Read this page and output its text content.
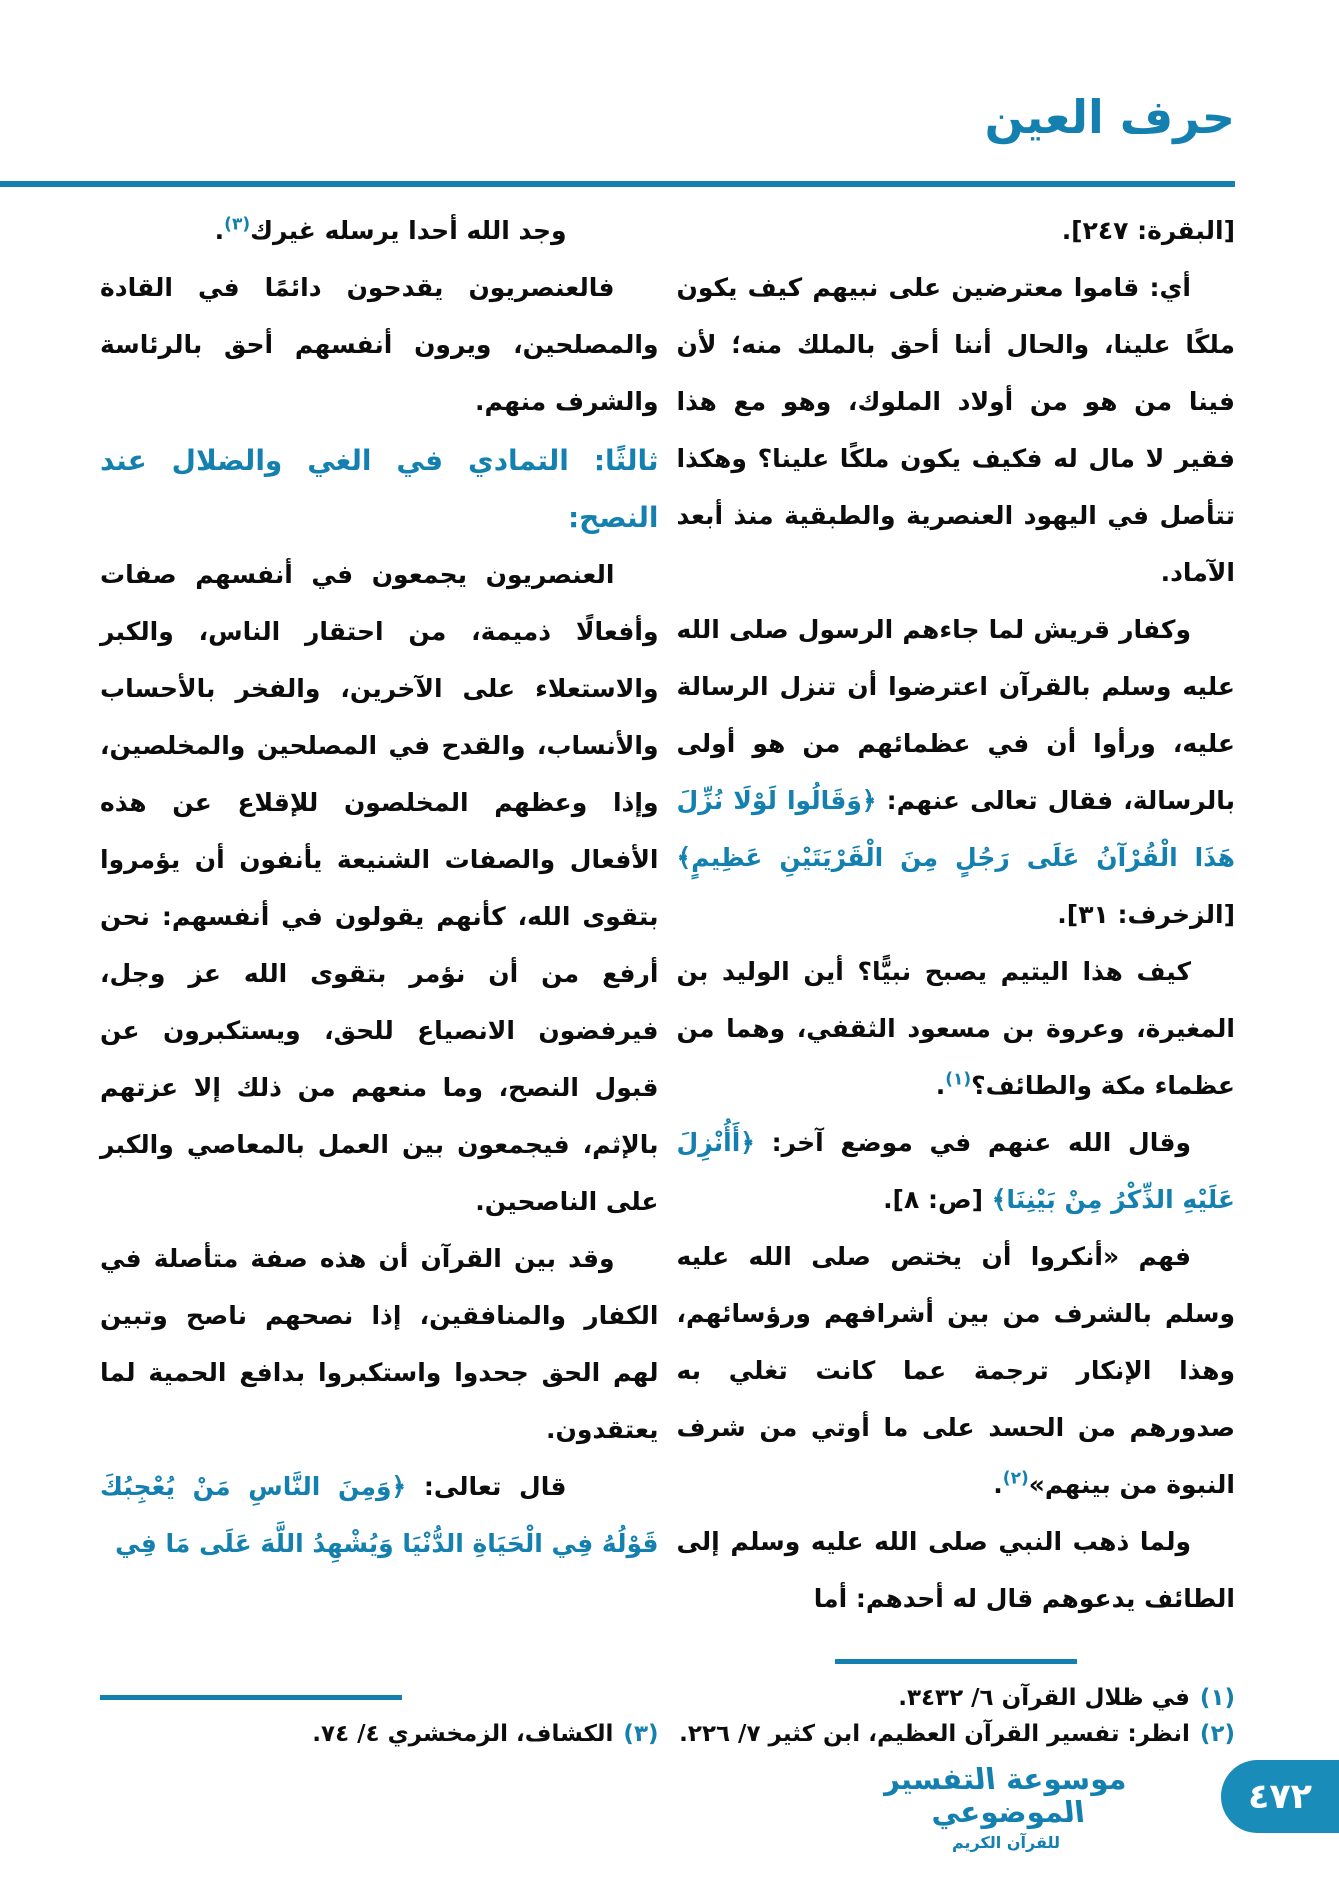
حرف العين

[البقرة: ٢٤٧].

أي: قاموا معترضين على نبيهم كيف يكون ملكًا علينا، والحال أننا أحق بالملك منه؛ لأن فينا من هو من أولاد الملوك، وهو مع هذا فقير لا مال له فكيف يكون ملكًا علينا؟ وهكذا تتأصل في اليهود العنصرية والطبقية منذ أبعد الآماد.

وكفار قريش لما جاءهم الرسول صلى الله عليه وسلم بالقرآن اعترضوا أن تنزل الرسالة عليه، ورأوا أن في عظمائهم من هو أولى بالرسالة، فقال تعالى عنهم: ﴿وَقَالُوا لَوْلَا نُزِّلَ هَذَا الْقُرْآنُ عَلَى رَجُلٍ مِنَ الْقَرْيَتَيْنِ عَظِيمٍ﴾ [الزخرف: ٣١].

كيف هذا اليتيم يصبح نبيًّا؟ أين الوليد بن المغيرة، وعروة بن مسعود الثقفي، وهما من عظماء مكة والطائف؟$^{(١)}$.

وقال الله عنهم في موضع آخر: ﴿أَأُنْزِلَ عَلَيْهِ الذِّكْرُ مِنْ بَيْنِنَا﴾ [ص: ٨].

فهم «أنكروا أن يختص صلى الله عليه وسلم بالشرف من بين أشرافهم ورؤسائهم، وهذا الإنكار ترجمة عما كانت تغلي به صدورهم من الحسد على ما أوتي من شرف النبوة من بينهم»$^{(٢)}$.

ولما ذهب النبي صلى الله عليه وسلم إلى الطائف يدعوهم قال له أحدهم: أما

(١)
في ظلال القرآن ٦/ ٣٤٣٢.
(٢)
انظر: تفسير القرآن العظيم، ابن كثير ٧/ ٢٢٦.

وجد الله أحدا يرسله غيرك$^{(٣)}$.

فالعنصريون يقدحون دائمًا في القادة والمصلحين، ويرون أنفسهم أحق بالرئاسة والشرف منهم.

ثالثًا: التمادي في الغي والضلال عند النصح:

العنصريون يجمعون في أنفسهم صفات وأفعالًا ذميمة، من احتقار الناس، والكبر والاستعلاء على الآخرين، والفخر بالأحساب والأنساب، والقدح في المصلحين والمخلصين، وإذا وعظهم المخلصون للإقلاع عن هذه الأفعال والصفات الشنيعة يأنفون أن يؤمروا بتقوى الله، كأنهم يقولون في أنفسهم: نحن أرفع من أن نؤمر بتقوى الله عز وجل، فيرفضون الانصياع للحق، ويستكبرون عن قبول النصح، وما منعهم من ذلك إلا عزتهم بالإثم، فيجمعون بين العمل بالمعاصي والكبر على الناصحين.

وقد بين القرآن أن هذه صفة متأصلة في الكفار والمنافقين، إذا نصحهم ناصح وتبين لهم الحق جحدوا واستكبروا بدافع الحمية لما يعتقدون.

قال تعالى: ﴿وَمِنَ النَّاسِ مَنْ يُعْجِبُكَ قَوْلُهُ فِي الْحَيَاةِ الدُّنْيَا وَيُشْهِدُ اللَّهَ عَلَى مَا فِي

(٣)
الكشاف، الزمخشري ٤/ ٧٤.
موسوعة التفسير الموضوعي
للقرآن الكريم
٤٧٢
